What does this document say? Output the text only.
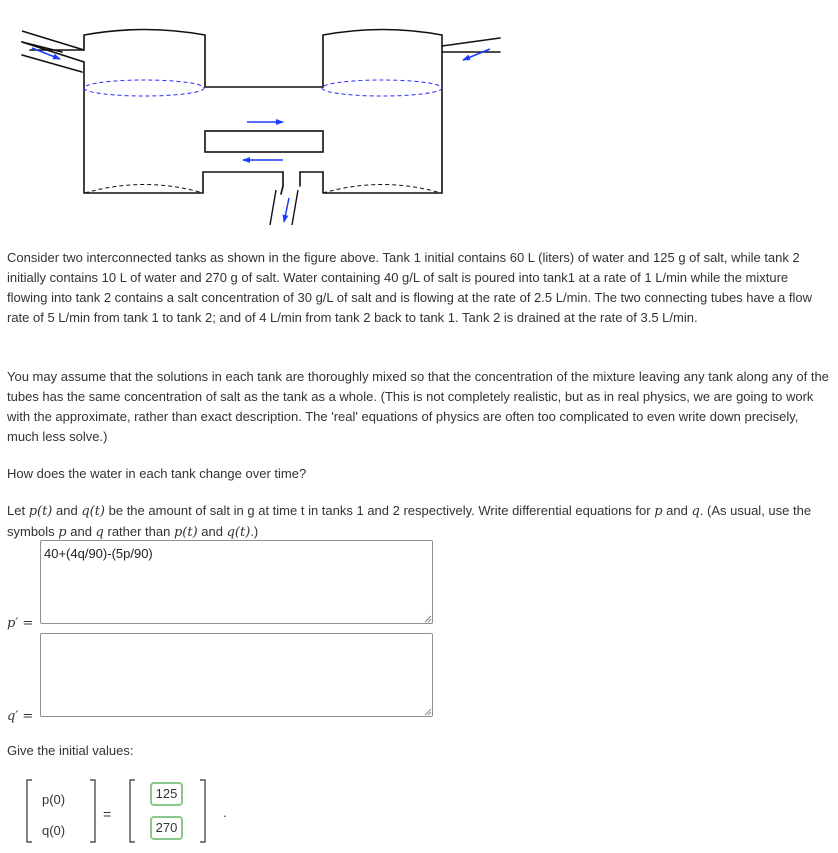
Consider two interconnected tanks as shown in the figure above. Tank 1 initial contains 60 L (liters) of water and 125 g of salt, while tank 2 initially contains 10 L of water and 270 g of salt. Water containing 40 g/L of salt is poured into tank1 at a rate of 1 L/min while the mixture flowing into tank 2 contains a salt concentration of 30 g/L of salt and is flowing at the rate of 2.5 L/min. The two connecting tubes have a flow rate of 5 L/min from tank 1 to tank 2; and of 4 L/min from tank 2 back to tank 1. Tank 2 is drained at the rate of 3.5 L/min.

You may assume that the solutions in each tank are thoroughly mixed so that the concentration of the mixture leaving any tank along any of the tubes has the same concentration of salt as the tank as a whole. (This is not completely realistic, but as in real physics, we are going to work with the approximate, rather than exact description. The 'real' equations of physics are often too complicated to even write down precisely, much less solve.)

How does the water in each tank change over time?

Let p(t) and q(t) be the amount of salt in g at time t in tanks 1 and 2 respectively. Write differential equations for p and q. (As usual, use the symbols p and q rather than p(t) and q(t).)

p′ =
40+(4q/90)-(5p/90)
q′ =

Give the initial values:

p(0)
q(0)
=
125
270
.
